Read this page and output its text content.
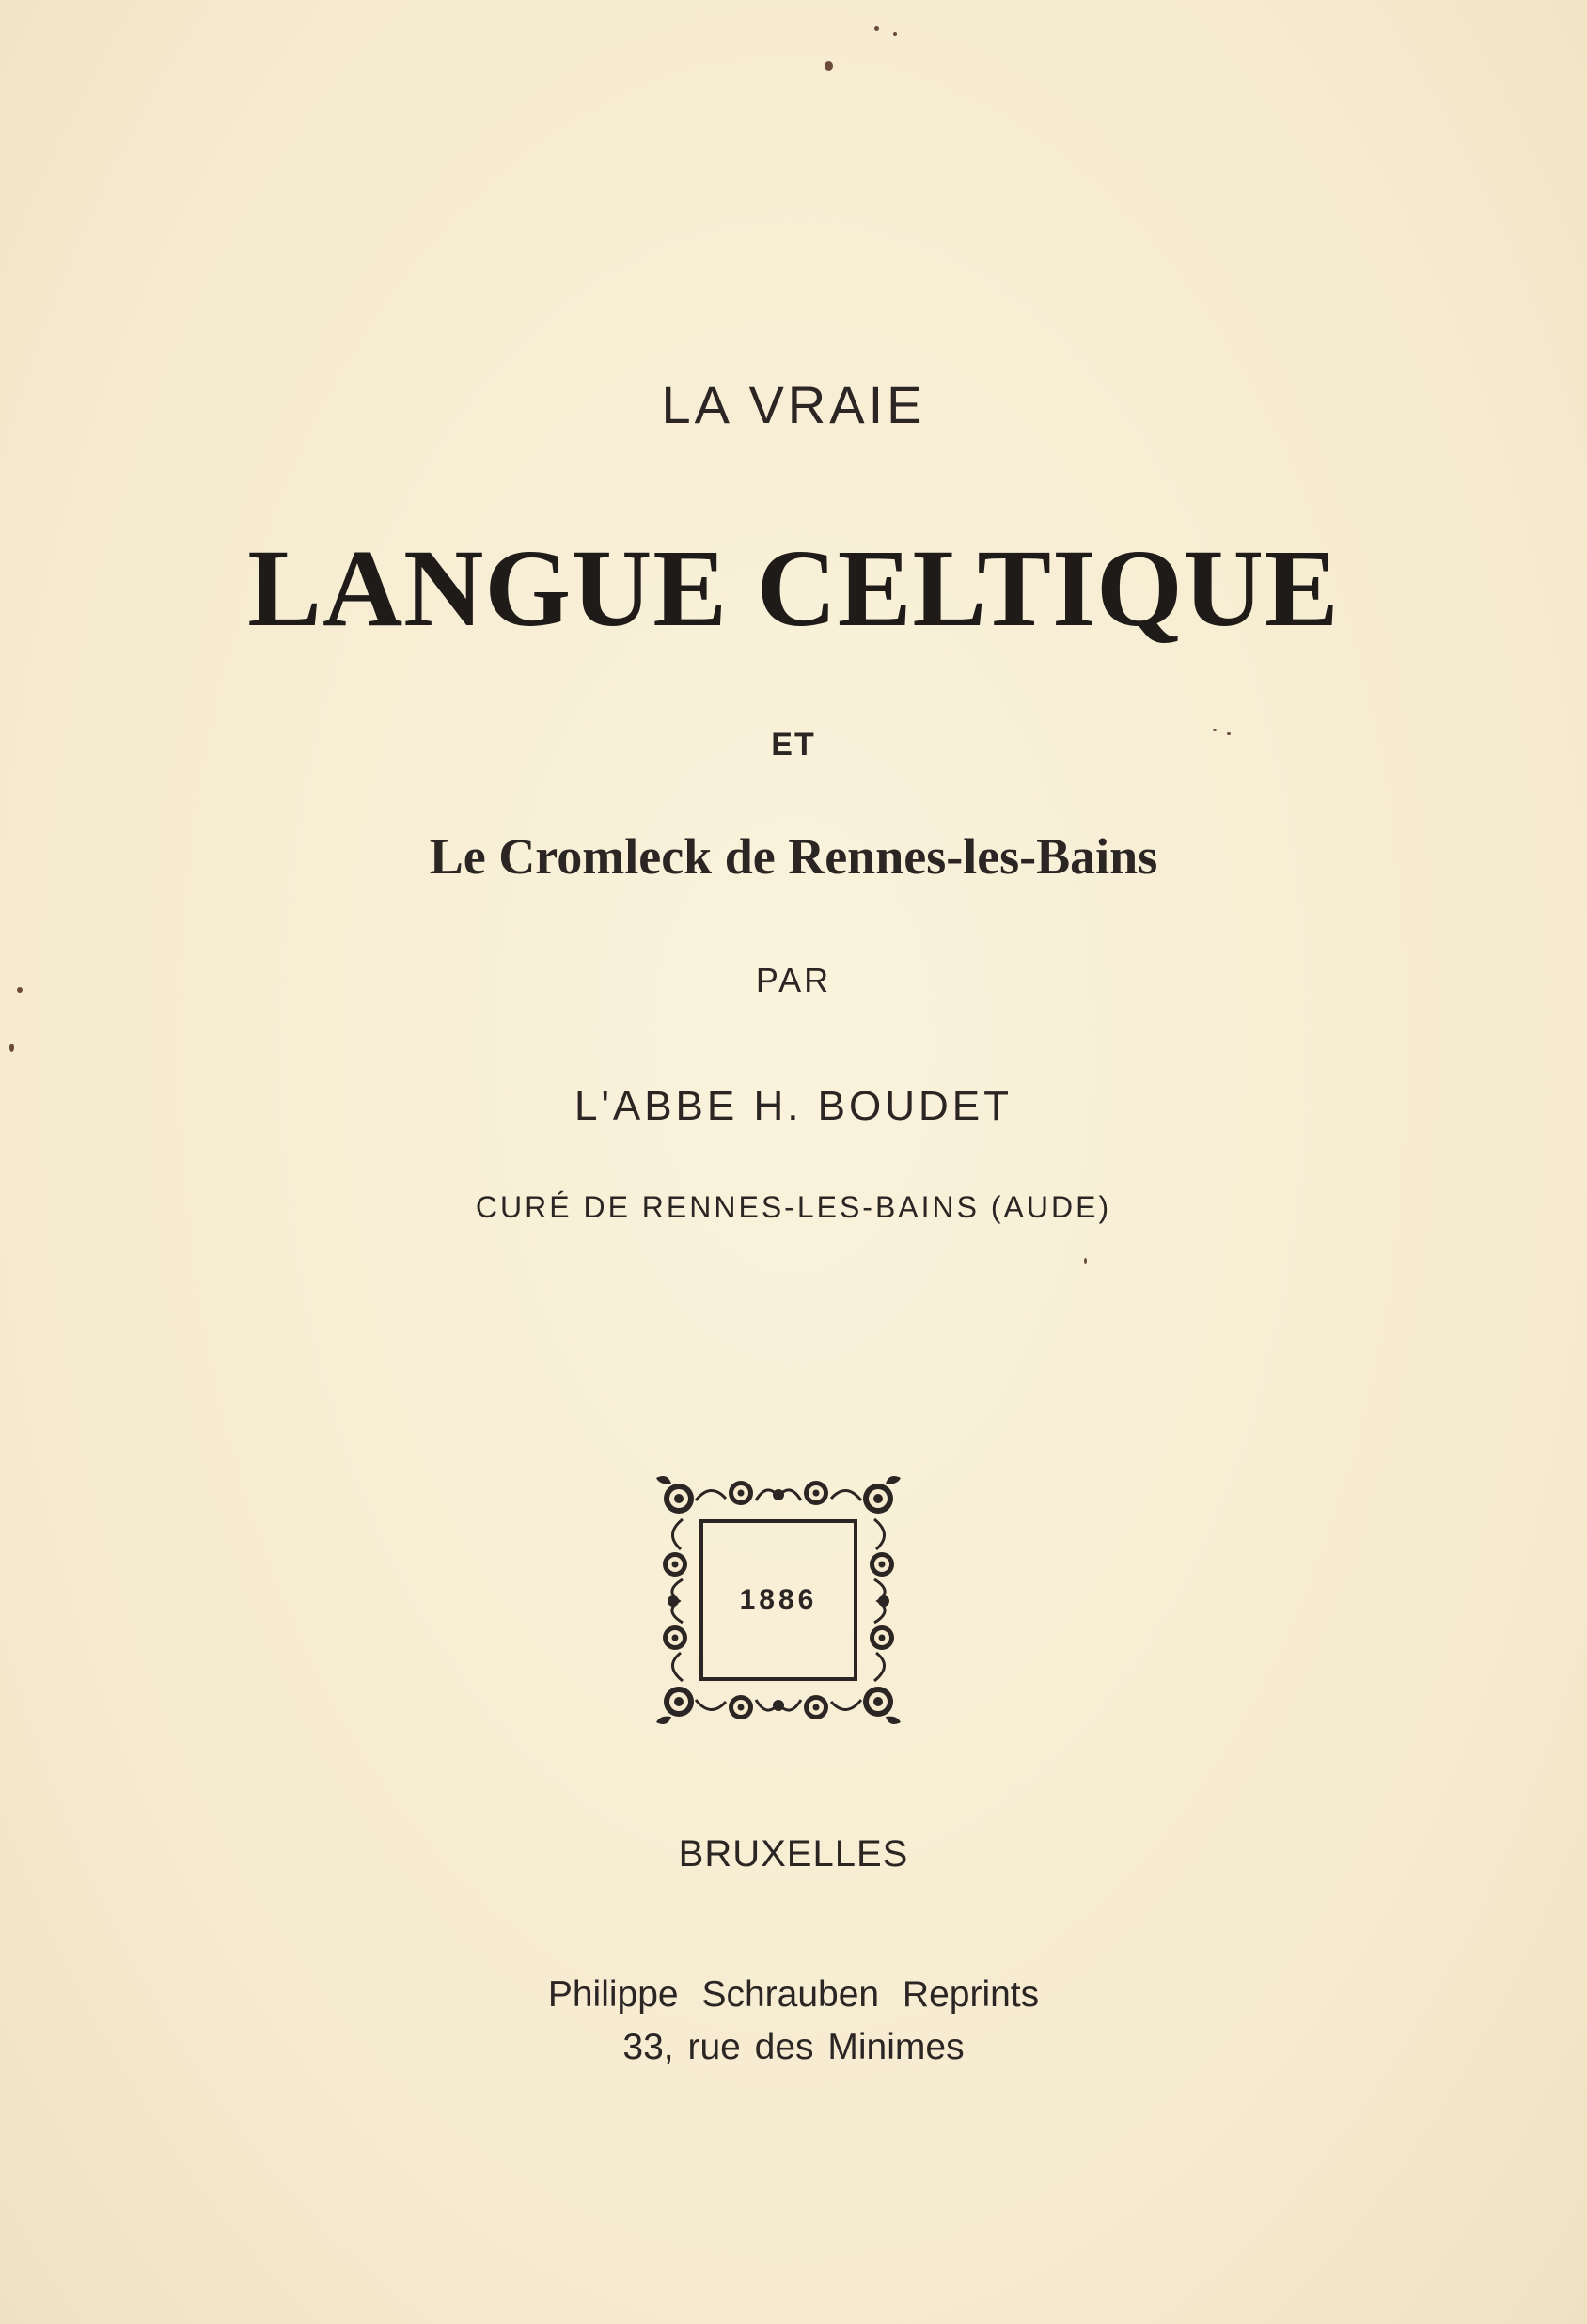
LA VRAIE
LANGUE CELTIQUE
ET
Le Cromleck de Rennes-les-Bains
PAR
L'ABBE H. BOUDET
CURÉ DE RENNES-LES-BAINS (AUDE)
1886
BRUXELLES
Philippe Schrauben Reprints
33, rue des Minimes
